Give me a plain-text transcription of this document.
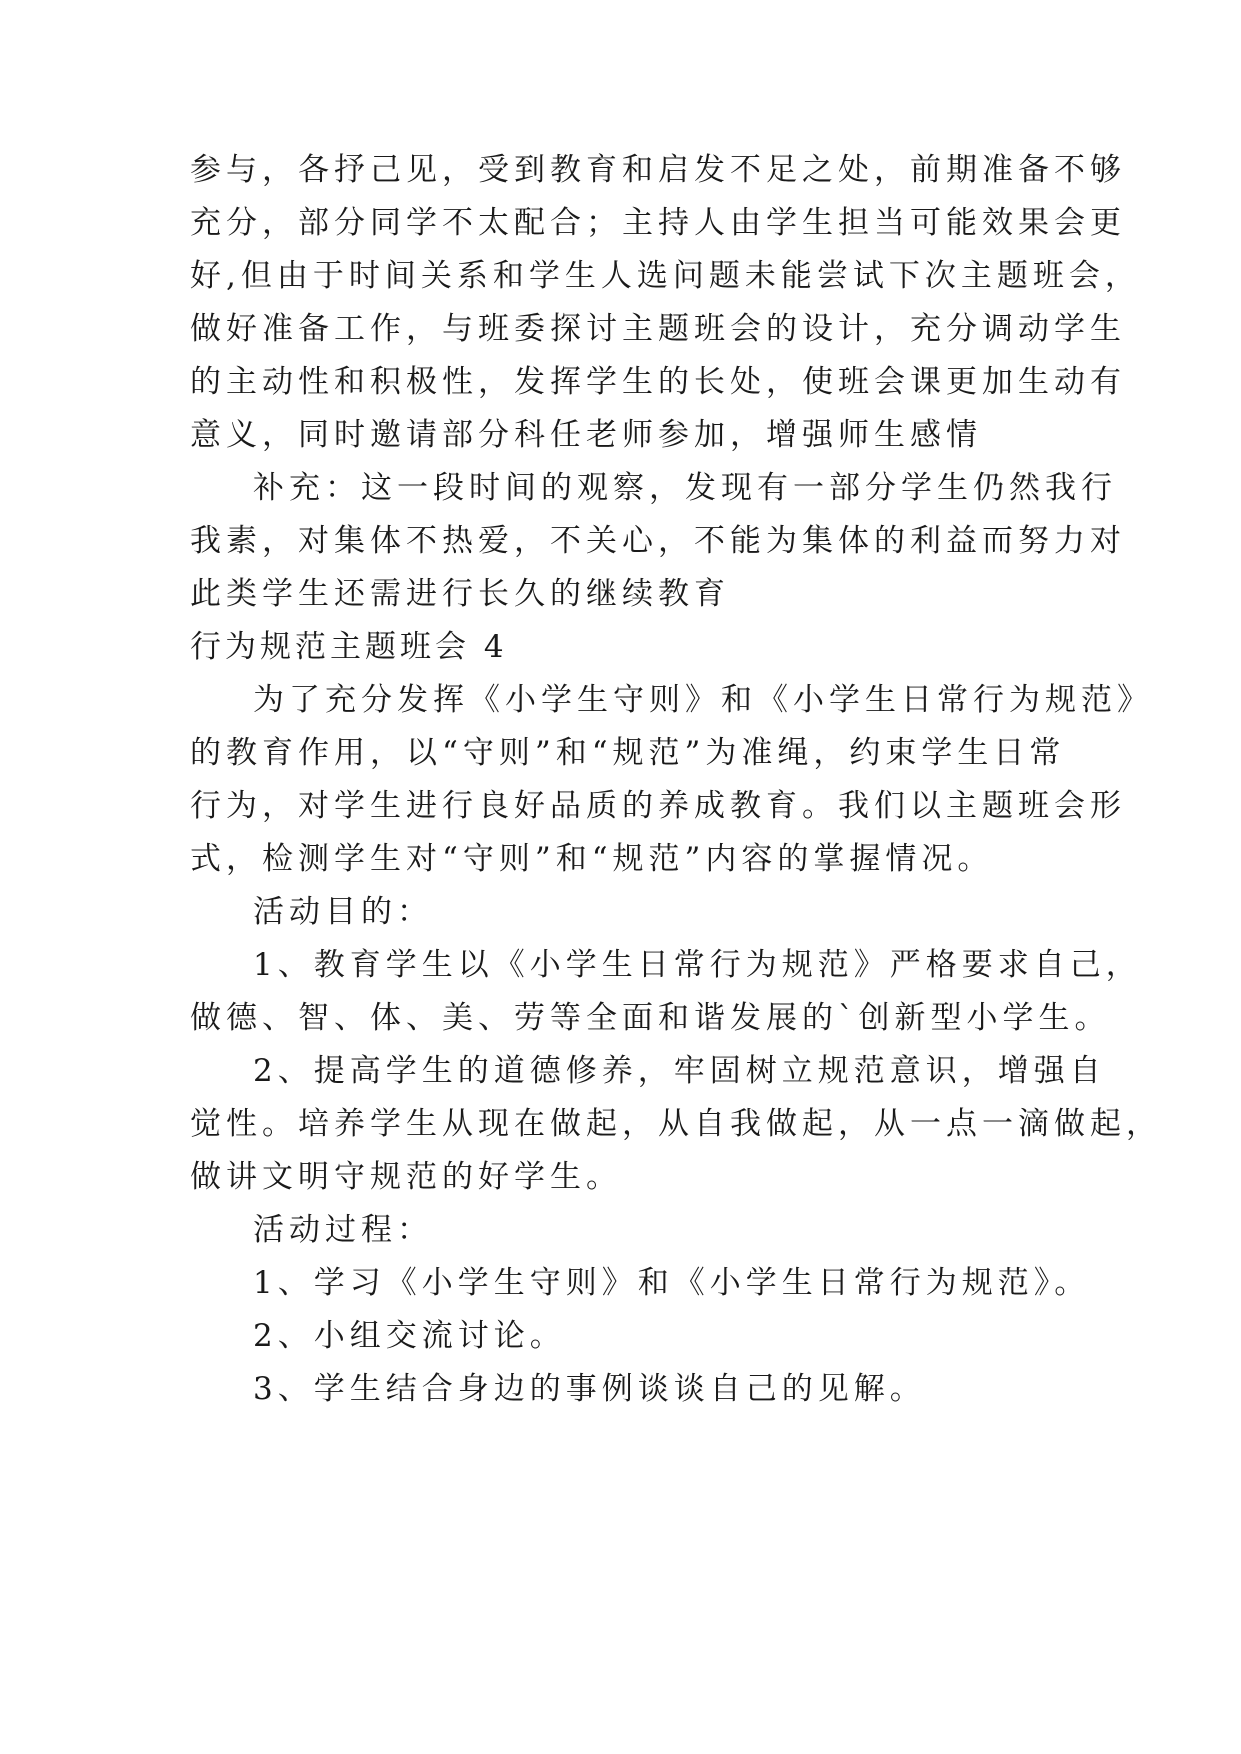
参与，各抒己见，受到教育和启发不足之处，前期准备不够
充分，部分同学不太配合；主持人由学生担当可能效果会更
好,但由于时间关系和学生人选问题未能尝试下次主题班会，
做好准备工作，与班委探讨主题班会的设计，充分调动学生
的主动性和积极性，发挥学生的长处，使班会课更加生动有
意义，同时邀请部分科任老师参加，增强师生感情
补充：这一段时间的观察，发现有一部分学生仍然我行
我素，对集体不热爱，不关心，不能为集体的利益而努力对
此类学生还需进行长久的继续教育
行为规范主题班会 4
为了充分发挥《小学生守则》和《小学生日常行为规范》
的教育作用，以“守则”和“规范”为准绳，约束学生日常
行为，对学生进行良好品质的养成教育。我们以主题班会形
式，检测学生对“守则”和“规范”内容的掌握情况。
活动目的：
1、教育学生以《小学生日常行为规范》严格要求自己，
做德、智、体、美、劳等全面和谐发展的`创新型小学生。
2、提高学生的道德修养，牢固树立规范意识，增强自
觉性。培养学生从现在做起，从自我做起，从一点一滴做起，
做讲文明守规范的好学生。
活动过程：
1、学习《小学生守则》和《小学生日常行为规范》。
2、小组交流讨论。
3、学生结合身边的事例谈谈自己的见解。
